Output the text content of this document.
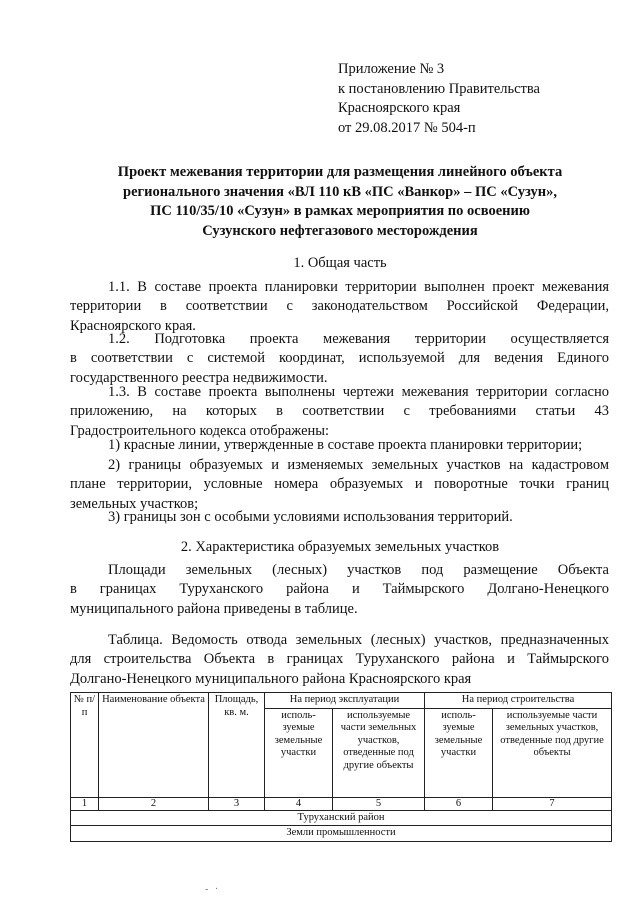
Приложение № 3
к постановлению Правительства
Красноярского края
от 29.08.2017 № 504-п
Проект межевания территории для размещения линейного объекта
регионального значения «ВЛ 110 кВ «ПС «Ванкор» – ПС «Сузун»,
ПС 110/35/10 «Сузун» в рамках мероприятия по освоению
Сузунского нефтегазового месторождения
1. Общая часть
1.1. В составе проекта планировки территории выполнен проект межевания
территории в соответствии с законодательством Российской Федерации,
Красноярского края.
1.2. Подготовка проекта межевания территории осуществляется
в соответствии с системой координат, используемой для ведения Единого
государственного реестра недвижимости.
1.3. В составе проекта выполнены чертежи межевания территории согласно
приложению, на которых в соответствии с требованиями статьи 43
Градостроительного кодекса отображены:
1) красные линии, утвержденные в составе проекта планировки территории;
2) границы образуемых и изменяемых земельных участков на кадастровом
плане территории, условные номера образуемых и поворотные точки границ
земельных участков;
3) границы зон с особыми условиями использования территорий.
2. Характеристика образуемых земельных участков
Площади земельных (лесных) участков под размещение Объекта
в границах Туруханского района и Таймырского Долгано-Ненецкого
муниципального района приведены в таблице.
Таблица. Ведомость отвода земельных (лесных) участков, предназначенных
для строительства Объекта в границах Туруханского района и Таймырского
Долгано-Ненецкого муниципального района Красноярского края
№ п/п	Наименование объекта	Площадь, кв. м.	На период эксплуатации		На период строительства	
			исполь-зуемые земельные участки	используемые части земельных участков, отведенные под другие объекты	исполь-зуемые земельные участки	используемые части земельных участков, отведенные под другие объекты
1	2	3	4	5	6	7
Туруханский район						
Земли промышленности						
- ·
